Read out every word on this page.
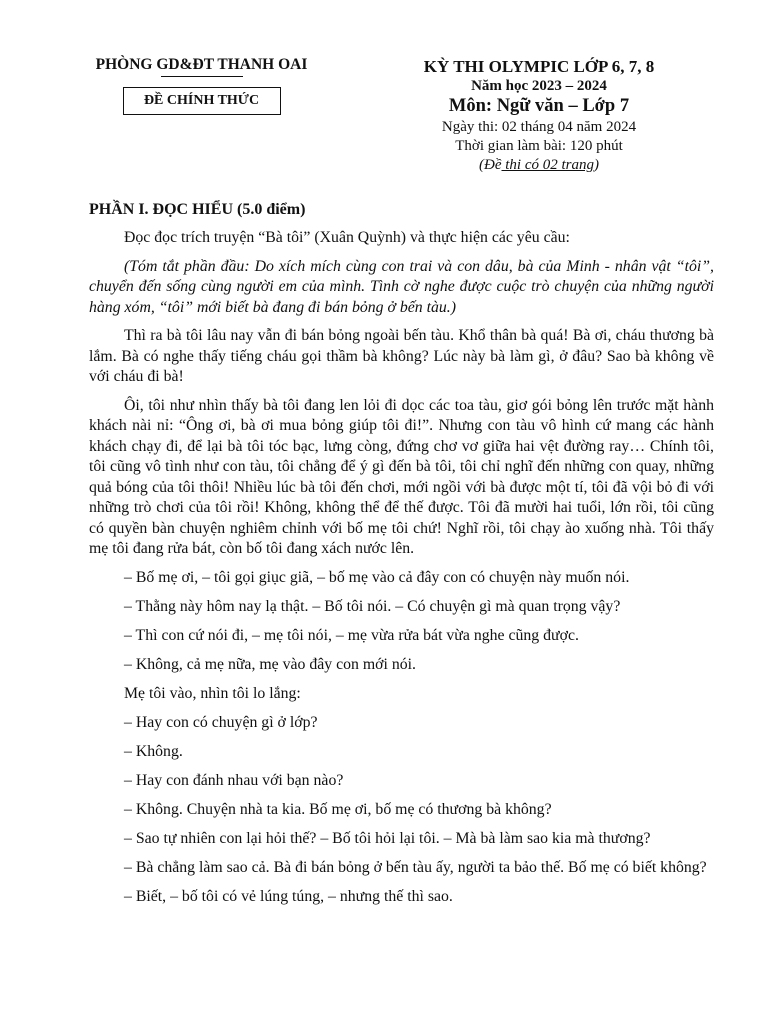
PHÒNG GD&ĐT THANH OAI
ĐỀ CHÍNH THỨC
KỲ THI OLYMPIC LỚP 6, 7, 8
Năm học 2023 – 2024
Môn: Ngữ văn – Lớp 7
Ngày thi: 02 tháng 04 năm 2024
Thời gian làm bài: 120 phút
(Đề thi có 02 trang)
PHẦN I. ĐỌC HIỂU (5.0 điểm)

Đọc đọc trích truyện “Bà tôi” (Xuân Quỳnh) và thực hiện các yêu cầu:

(Tóm tắt phần đầu: Do xích mích cùng con trai và con dâu, bà của Minh - nhân vật “tôi”, chuyển đến sống cùng người em của mình. Tình cờ nghe được cuộc trò chuyện của những người hàng xóm, “tôi” mới biết bà đang đi bán bỏng ở bến tàu.)

Thì ra bà tôi lâu nay vẫn đi bán bỏng ngoài bến tàu. Khổ thân bà quá! Bà ơi, cháu thương bà lắm. Bà có nghe thấy tiếng cháu gọi thầm bà không? Lúc này bà làm gì, ở đâu? Sao bà không về với cháu đi bà!

Ôi, tôi như nhìn thấy bà tôi đang len lỏi đi dọc các toa tàu, giơ gói bỏng lên trước mặt hành khách nài nỉ: “Ông ơi, bà ơi mua bỏng giúp tôi đi!”. Nhưng con tàu vô hình cứ mang các hành khách chạy đi, để lại bà tôi tóc bạc, lưng còng, đứng chơ vơ giữa hai vệt đường ray… Chính tôi, tôi cũng vô tình như con tàu, tôi chẳng để ý gì đến bà tôi, tôi chỉ nghĩ đến những con quay, những quả bóng của tôi thôi! Nhiều lúc bà tôi đến chơi, mới ngồi với bà được một tí, tôi đã vội bỏ đi với những trò chơi của tôi rồi! Không, không thể để thế được. Tôi đã mười hai tuổi, lớn rồi, tôi cũng có quyền bàn chuyện nghiêm chỉnh với bố mẹ tôi chứ! Nghĩ rồi, tôi chạy ào xuống nhà. Tôi thấy mẹ tôi đang rửa bát, còn bố tôi đang xách nước lên.

– Bố mẹ ơi, – tôi gọi giục giã, – bố mẹ vào cả đây con có chuyện này muốn nói.

– Thằng này hôm nay lạ thật. – Bố tôi nói. – Có chuyện gì mà quan trọng vậy?

– Thì con cứ nói đi, – mẹ tôi nói, – mẹ vừa rửa bát vừa nghe cũng được.

– Không, cả mẹ nữa, mẹ vào đây con mới nói.

Mẹ tôi vào, nhìn tôi lo lắng:

– Hay con có chuyện gì ở lớp?

– Không.

– Hay con đánh nhau với bạn nào?

– Không. Chuyện nhà ta kia. Bố mẹ ơi, bố mẹ có thương bà không?

– Sao tự nhiên con lại hỏi thế? – Bố tôi hỏi lại tôi. – Mà bà làm sao kia mà thương?

– Bà chẳng làm sao cả. Bà đi bán bỏng ở bến tàu ấy, người ta bảo thế. Bố mẹ có biết không?

– Biết, – bố tôi có vẻ lúng túng, – nhưng thế thì sao.
